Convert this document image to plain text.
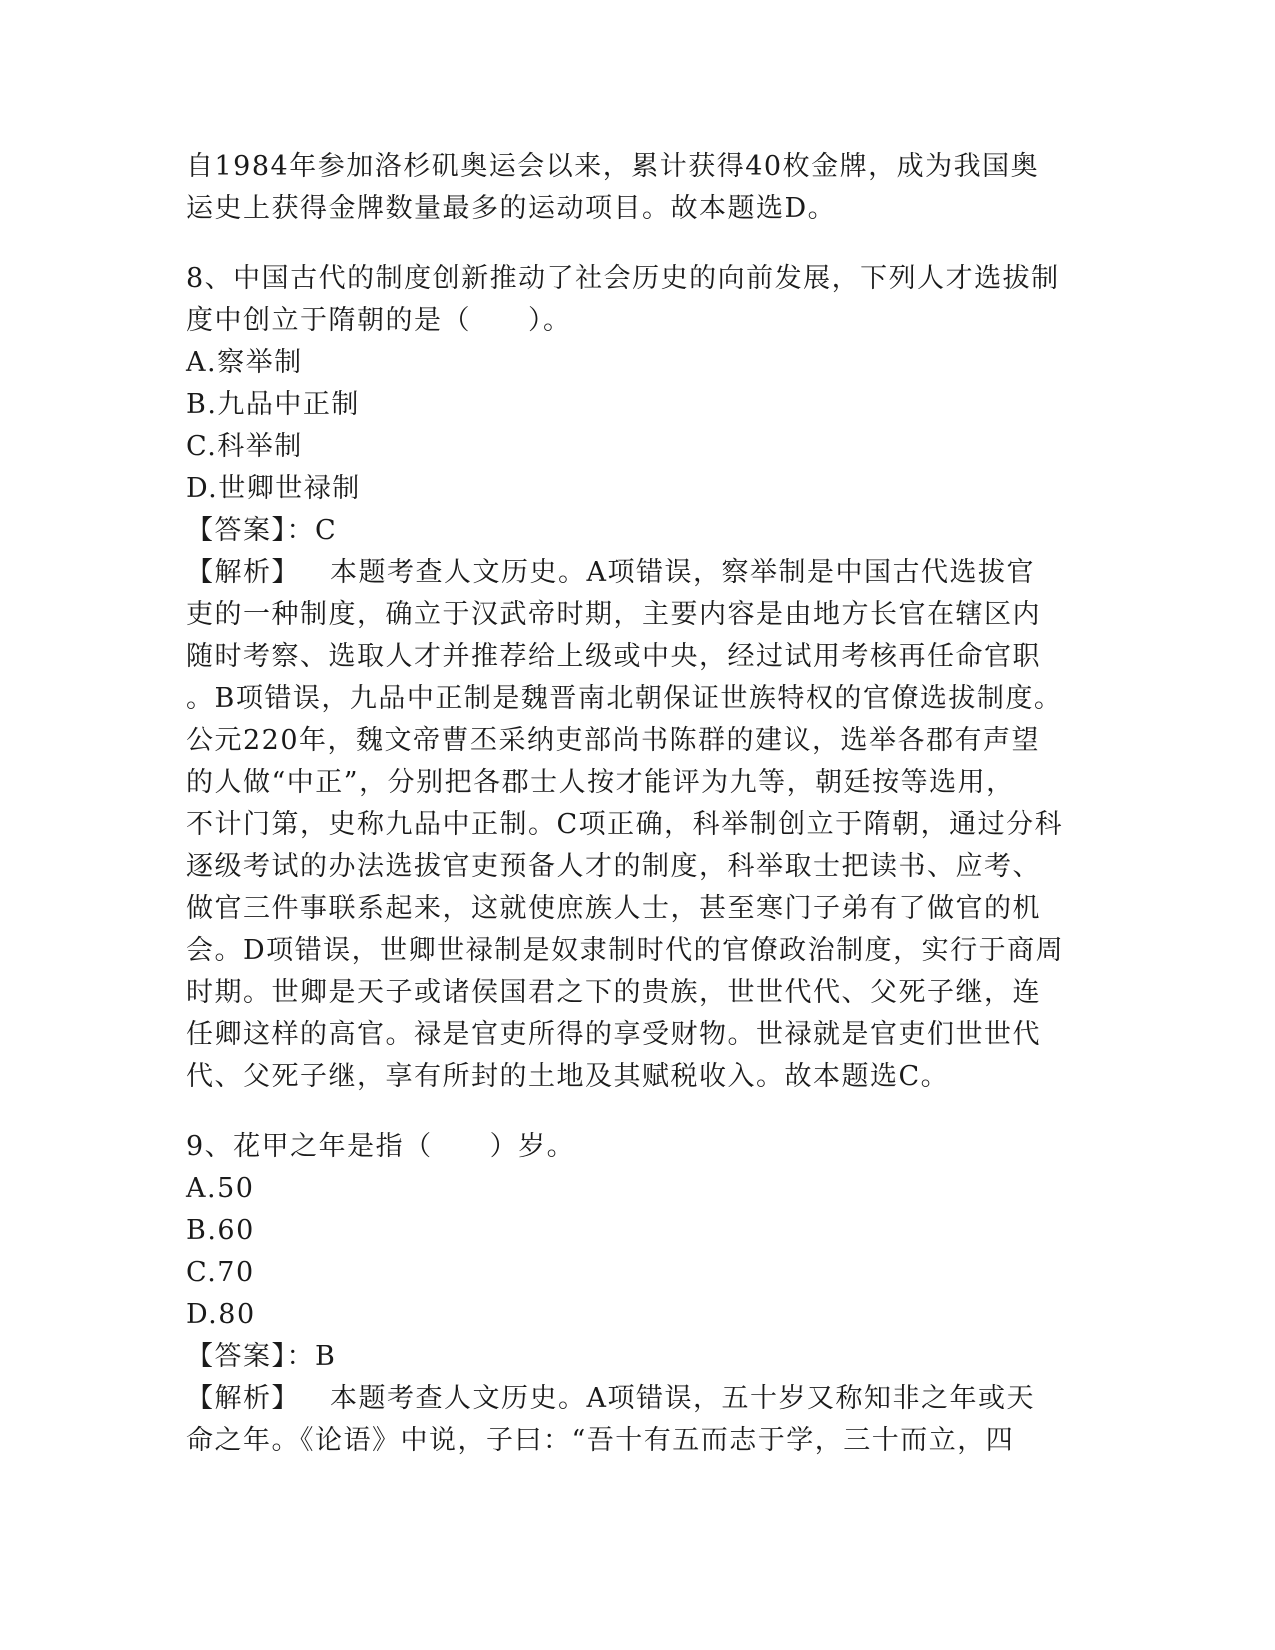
自1984年参加洛杉矶奥运会以来，累计获得40枚金牌，成为我国奥
运史上获得金牌数量最多的运动项目。故本题选D。
8、中国古代的制度创新推动了社会历史的向前发展，下列人才选拔制
度中创立于隋朝的是（　　）。
A.察举制
B.九品中正制
C.科举制
D.世卿世禄制
【答案】：C
【解析】 本题考查人文历史。A项错误，察举制是中国古代选拔官
吏的一种制度，确立于汉武帝时期，主要内容是由地方长官在辖区内
随时考察、选取人才并推荐给上级或中央，经过试用考核再任命官职
。B项错误，九品中正制是魏晋南北朝保证世族特权的官僚选拔制度。
公元220年，魏文帝曹丕采纳吏部尚书陈群的建议，选举各郡有声望
的人做“中正”，分别把各郡士人按才能评为九等，朝廷按等选用，
不计门第，史称九品中正制。C项正确，科举制创立于隋朝，通过分科
逐级考试的办法选拔官吏预备人才的制度，科举取士把读书、应考、
做官三件事联系起来，这就使庶族人士，甚至寒门子弟有了做官的机
会。D项错误，世卿世禄制是奴隶制时代的官僚政治制度，实行于商周
时期。世卿是天子或诸侯国君之下的贵族，世世代代、父死子继，连
任卿这样的高官。禄是官吏所得的享受财物。世禄就是官吏们世世代
代、父死子继，享有所封的土地及其赋税收入。故本题选C。
9、花甲之年是指（　　）岁。
A.50
B.60
C.70
D.80
【答案】：B
【解析】 本题考查人文历史。A项错误，五十岁又称知非之年或天
命之年。《论语》中说，子曰：“吾十有五而志于学，三十而立，四
